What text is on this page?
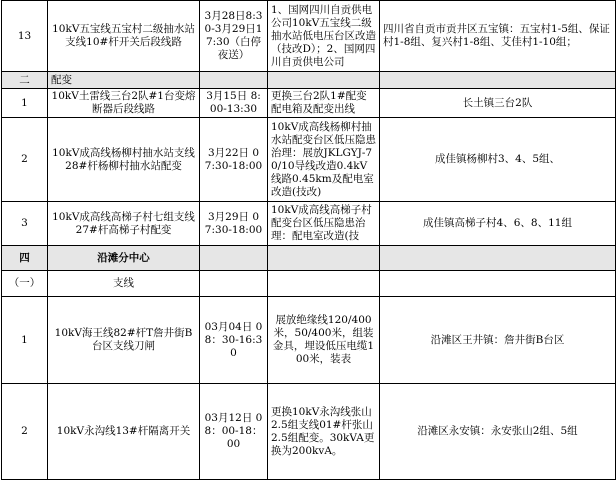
13	10kV五宝线五宝村二级抽水站支线10#杆开关后段线路	3月28日8:30-3月29日17:30（白停夜送）	1、国网四川自贡供电公司10kV五宝线二级抽水站低电压台区改造（技改D）；2、国网四川自贡供电公司	四川省自贡市贡井区五宝镇：五宝村1-5组、保证村1-8组、复兴村1-8组、艾佳村1-10组；
二	配变			
1	10kV土雷线三台2队#1台变熔断器后段线路	3月15日 8:00-13:30	更换三台2队1#配变配电箱及配变出线	长土镇三台2队
2	10kV成高线杨柳村抽水站支线28#杆杨柳村抽水站配变	3月22日 07:30-18:00	10kV成高线杨柳村抽水站配变台区低压隐患治理：展放JKLGYJ-70/10导线改造0.4kV线路0.45km及配电室改造(技改)	成佳镇杨柳村3、4、5组、
3	10kV成高线高梯子村七组支线27#杆高梯子村配变	3月29日 07:30-18:00	10kV成高线高梯子村配变台区低压隐患治理：配电室改造(技	成佳镇高梯子村4、6、8、11组
四	沿滩分中心			
（一）	支线			
1	10kV海王线82#杆T詹井街B台区支线刀闸	03月04日 08：30-16:30	展放绝缘线120/400米，50/400米，组装金具，埋设低压电缆100米，装表	沿滩区王井镇：詹井街B台区
2	10kV永沟线13#杆隔离开关	03月12日 08：00-18：00	更换10kV永沟线张山2.5组支线01#杆张山2.5组配变。30kVA更换为200kvA。	沿滩区永安镇：永安张山2组、5组
